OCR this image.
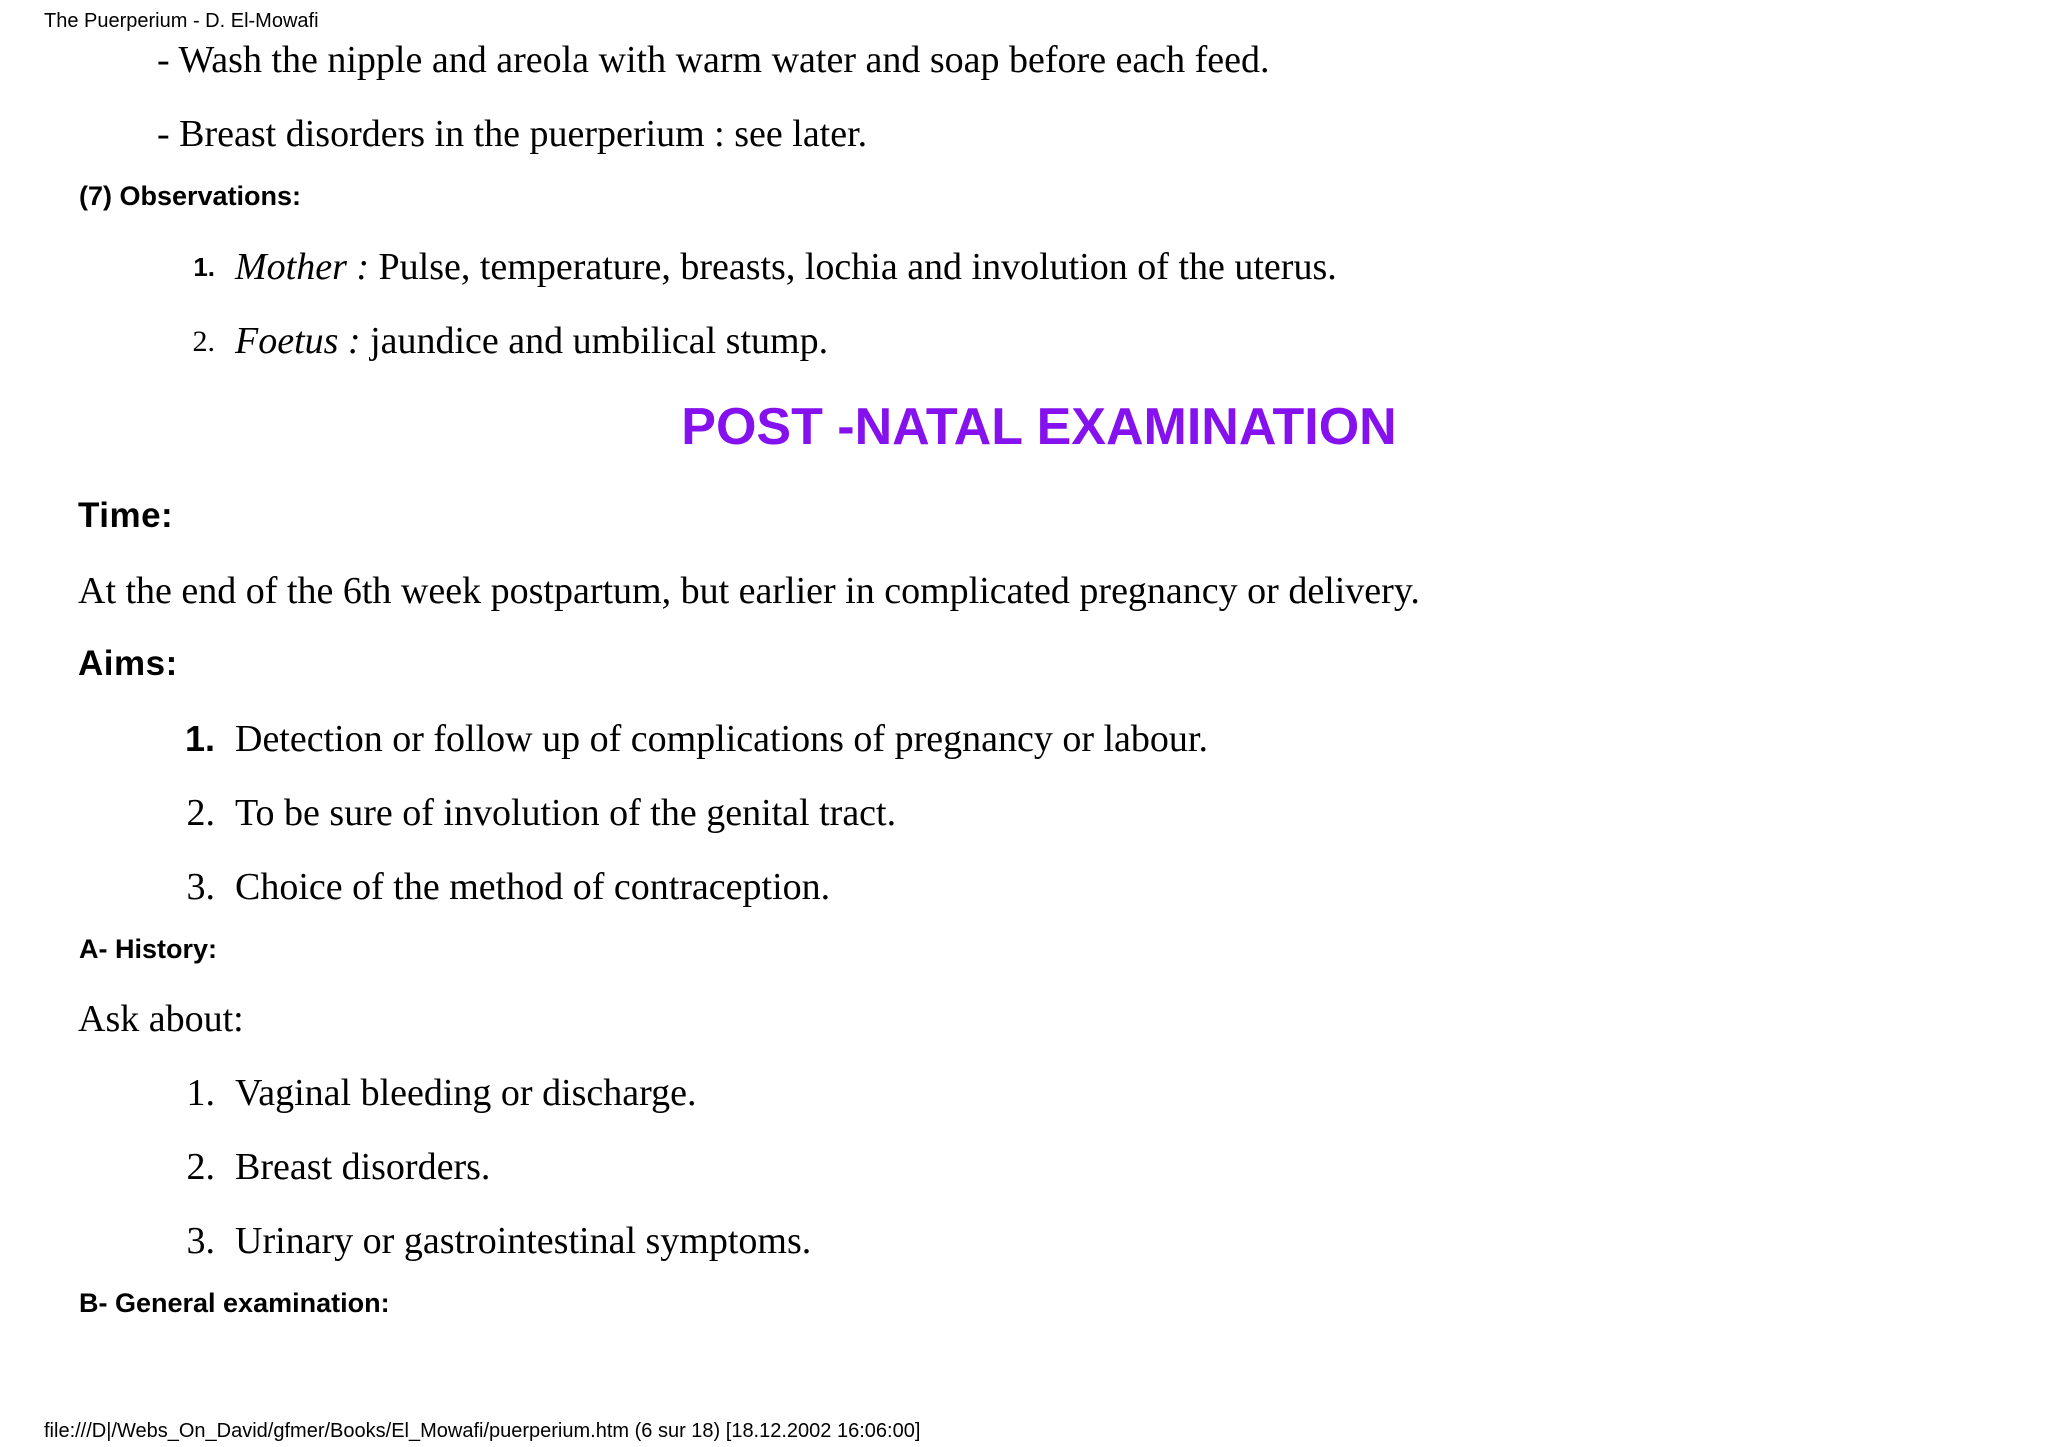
The Puerperium - D. El-Mowafi
- Wash the nipple and areola with warm water and soap before each feed.
- Breast disorders in the puerperium : see later.
(7) Observations:
1. Mother : Pulse, temperature, breasts, lochia and involution of the uterus.
2. Foetus : jaundice and umbilical stump.
POST -NATAL EXAMINATION
Time:
At the end of the 6th week postpartum, but earlier in complicated pregnancy or delivery.
Aims:
1. Detection or follow up of complications of pregnancy or labour.
2. To be sure of involution of the genital tract.
3. Choice of the method of contraception.
A- History:
Ask about:
1. Vaginal bleeding or discharge.
2. Breast disorders.
3. Urinary or gastrointestinal symptoms.
B- General examination:
file:///D|/Webs_On_David/gfmer/Books/El_Mowafi/puerperium.htm (6 sur 18) [18.12.2002 16:06:00]
